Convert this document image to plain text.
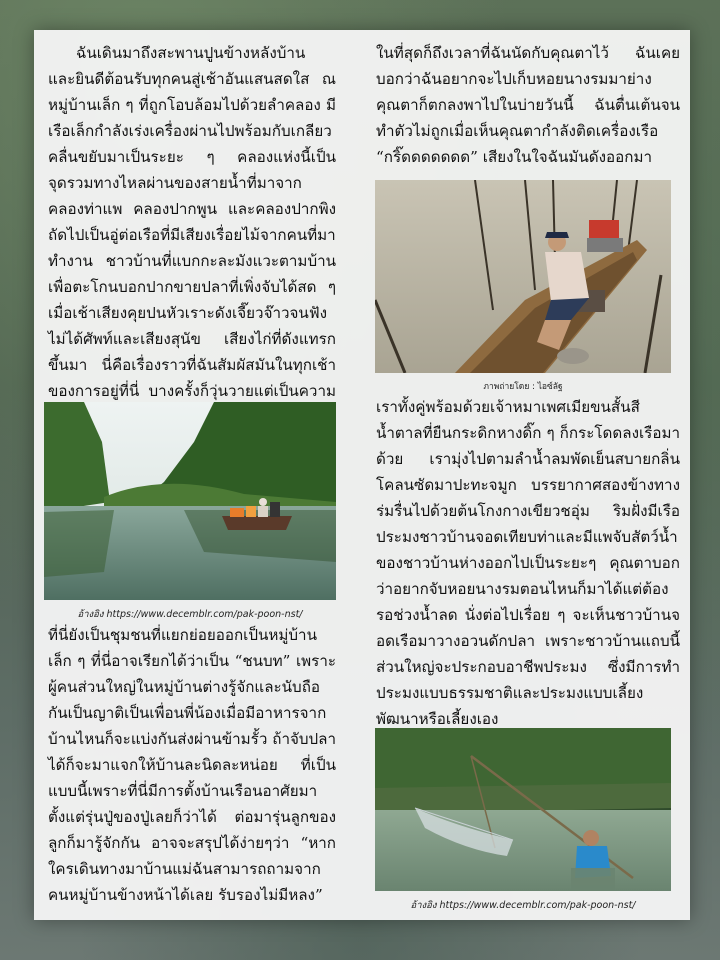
ฉันเดินมาถึงสะพานปูนข้างหลังบ้าน และยินดีต้อนรับทุกคนสู่เช้าอันแสนสดใส ณ หมู่บ้านเล็ก ๆ ที่ถูกโอบล้อมไปด้วยลำคลอง มีเรือเล็กกำลังเร่งเครื่องผ่านไปพร้อมกับเกลียวคลื่นขยับมาเป็นระยะ ๆ คลองแห่งนี้เป็นจุดรวมทางไหลผ่านของสายน้ำที่มาจากคลองท่าแพ คลองปากพูน และคลองปากพิง ถัดไปเป็นอู่ต่อเรือที่มีเสียงเรื่อยไม้จากคนที่มาทำงาน ชาวบ้านที่แบกกะละมังแวะตามบ้านเพื่อตะโกนบอกปากขายปลาที่เพิ่งจับได้สด ๆ เมื่อเช้าเสียงคุยปนหัวเราะดังเจี๊ยวจ๊าวจนฟังไม่ได้ศัพท์และเสียงสุนัข เสียงไก่ที่ดังแทรกขึ้นมา นี่คือเรื่องราวที่ฉันสัมผัสมันในทุกเช้าของการอยู่ที่นี่ บางครั้งก็วุ่นวายแต่เป็นความ

อ้างอิง https://www.decemblr.com/pak-poon-nst/

ที่นี่ยังเป็นชุมชนที่แยกย่อยออกเป็นหมู่บ้านเล็ก ๆ ที่นี่อาจเรียกได้ว่าเป็น “ชนบท” เพราะผู้คนส่วนใหญ่ในหมู่บ้านต่างรู้จักและนับถือกันเป็นญาติเป็นเพื่อนพี่น้องเมื่อมีอาหารจากบ้านไหนก็จะแบ่งกันส่งผ่านข้ามรั้ว ถ้าจับปลาได้ก็จะมาแจกให้บ้านละนิดละหน่อย ที่เป็นแบบนี้เพราะที่นี่มีการตั้งบ้านเรือนอาศัยมาตั้งแต่รุ่นปู่ของปู่เลยก็ว่าได้ ต่อมารุ่นลูกของลูกก็มารู้จักกัน อาจจะสรุปได้ง่ายๆว่า “หากใครเดินทางมาบ้านแม่ฉันสามารถถามจากคนหมู่บ้านข้างหน้าได้เลย รับรองไม่มีหลง”

ในที่สุดก็ถึงเวลาที่ฉันนัดกับคุณตาไว้ ฉันเคยบอกว่าฉันอยากจะไปเก็บหอยนางรมมาย่าง คุณตาก็ตกลงพาไปในบ่ายวันนี้ ฉันตื่นเต้นจนทำตัวไม่ถูกเมื่อเห็นคุณตากำลังติดเครื่องเรือ “กริ๊ดดดดดดด” เสียงในใจฉันมันดังออกมา

ภาพถ่ายโดย : ไอซ์ลัฐ

เราทั้งคู่พร้อมด้วยเจ้าหมาเพศเมียขนสั้นสีน้ำตาลที่ยืนกระดิกหางดิ๊ก ๆ ก็กระโดดลงเรือมาด้วย เรามุ่งไปตามลำน้ำลมพัดเย็นสบายกลิ่นโคลนซัดมาปะทะจมูก บรรยากาศสองข้างทางร่มรื่นไปด้วยต้นโกงกางเขียวชอุ่ม ริมฝั่งมีเรือประมงชาวบ้านจอดเทียบท่าและมีแพจับสัตว์น้ำของชาวบ้านห่างออกไปเป็นระยะๆ คุณตาบอกว่าอยากจับหอยนางรมตอนไหนก็มาได้แต่ต้องรอช่วงน้ำลด นั่งต่อไปเรื่อย ๆ จะเห็นชาวบ้านจอดเรือมาวางอวนดักปลา เพราะชาวบ้านแถบนี้ส่วนใหญ่จะประกอบอาชีพประมง ซึ่งมีการทำประมงแบบธรรมชาติและประมงแบบเลี้ยงพัฒนาหรือเลี้ยงเอง

อ้างอิง https://www.decemblr.com/pak-poon-nst/
